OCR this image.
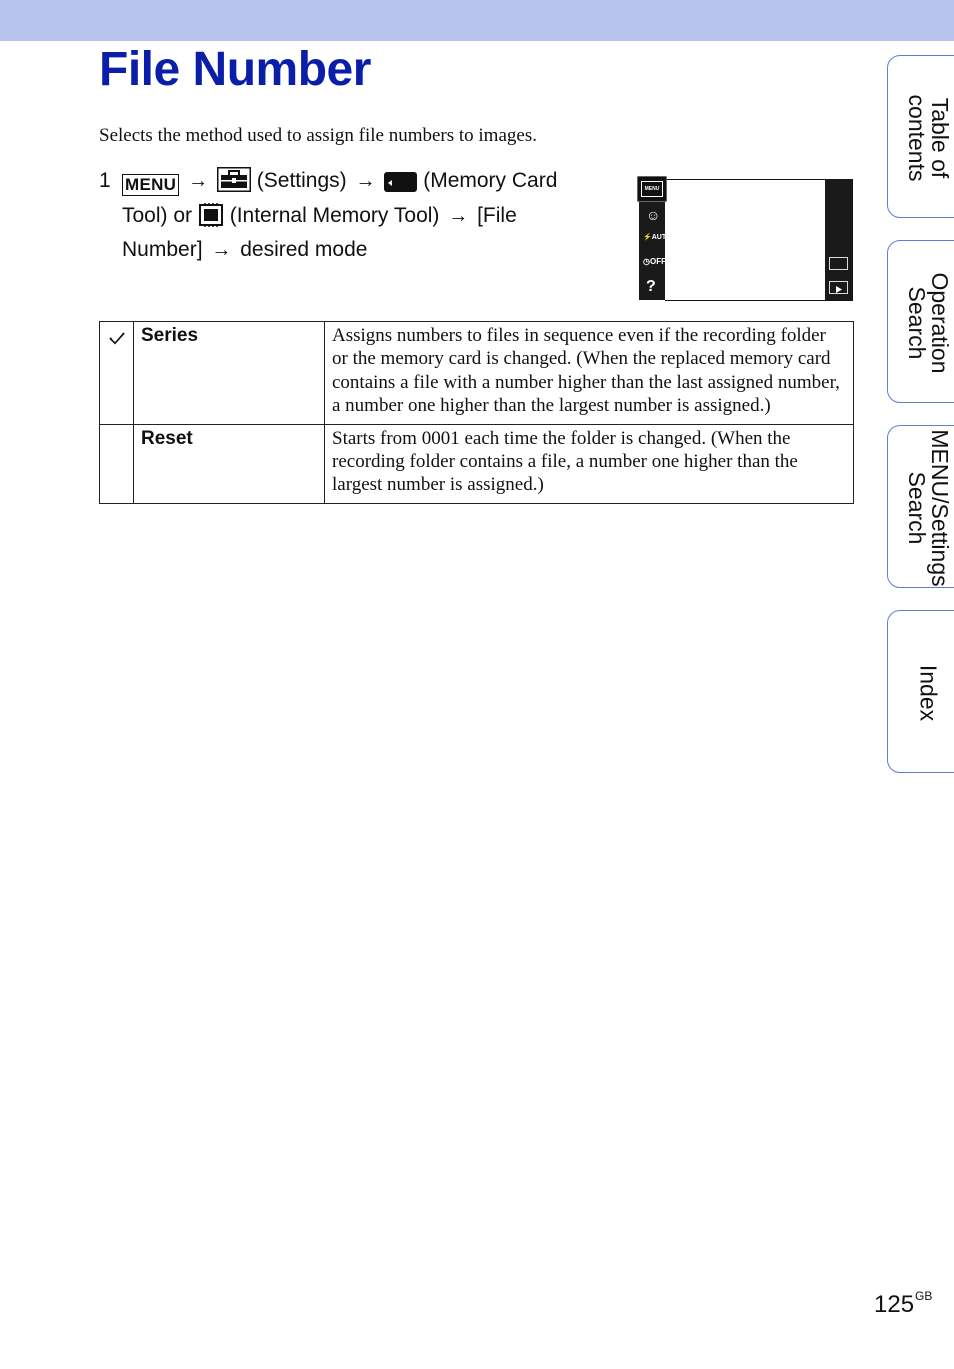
File Number

Selects the method used to assign file numbers to images.

1 MENU → (Settings) → (Memory Card Tool) or (Internal Memory Tool) → [File Number] → desired mode
MENU
☺
⚡AUTO
◷OFF
?
	Series	Assigns numbers to files in sequence even if the recording folder or the memory card is changed. (When the replaced memory card contains a file with a number higher than the last assigned number, a number one higher than the largest number is assigned.)
	Reset	Starts from 0001 each time the folder is changed. (When the recording folder contains a file, a number one higher than the largest number is assigned.)
Table of
contents
Operation
Search
MENU/Settings
Search
Index
$125^{GB}$
